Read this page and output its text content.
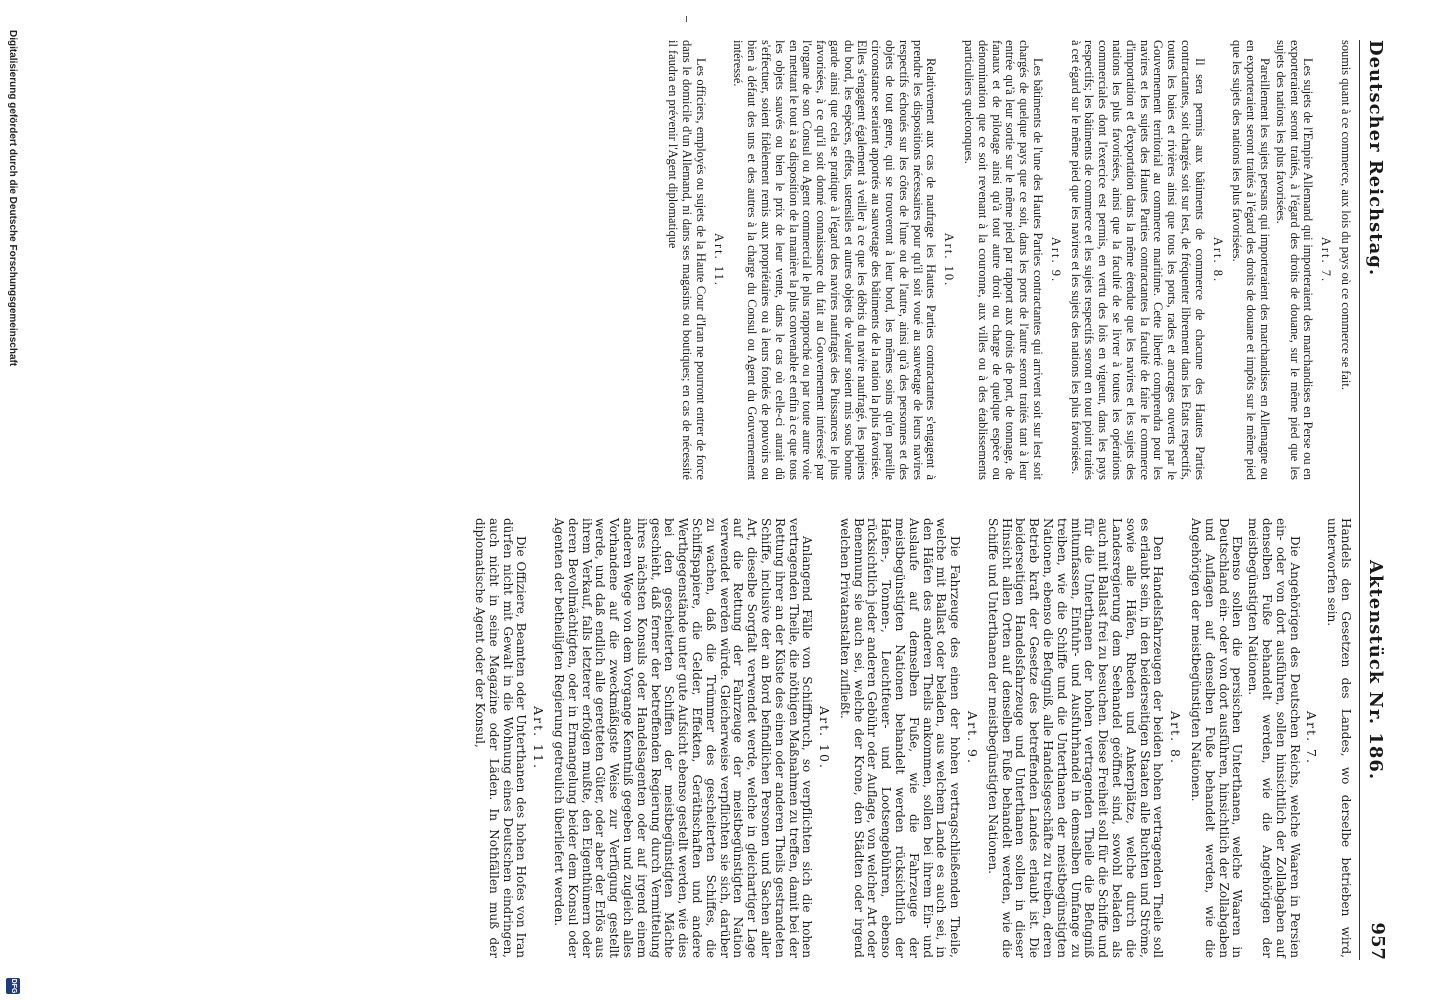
Deutscher Reichstag.
Aktenstück Nr. 186.
957

soumis quant à ce commerce, aux lois du pays où ce commerce se fait.

Art. 7.

Les sujets de l'Empire Allemand qui importeraient des marchandises en Perse ou en exporteraient seront traités, à l'égard des droits de douane, sur le même pied que les sujets des nations les plus favorisées.

Pareillement les sujets persans qui importeraient des marchandises en Allemagne ou en exporteraient seront traités à l'égard des droits de douane et impôts sur le même pied que les sujets des nations les plus favorisées.

Art. 8.

Il sera permis aux bâtiments de commerce de chacune des Hautes Parties contractantes, soit chargés soit sur lest, de fréquenter librement dans les Etats respectifs, toutes les baies et rivières ainsi que tous les ports, rades et ancrages ouverts par le Gouvernement territorial au commerce maritime. Cette liberté comprendra pour les navires et les sujets des Hautes Parties contractantes la faculté de faire le commerce d'importation et d'exportation dans la même étendue que les navires et les sujets des nations les plus favorisées, ainsi que la faculté de se livrer à toutes les opérations commerciales dont l'exercice est permis, en vertu des lois en vigueur, dans les pays respectifs; les bâtiments de commerce et les sujets respectifs seront en tout point traités à cet égard sur le même pied que les navires et les sujets des nations les plus favorisées.

Art. 9.

Les bâtiments de l'une des Hautes Parties contractantes qui arrivent soit sur lest soit chargés de quelque pays que ce soit, dans les ports de l'autre seront traités tant à leur entrée qu'à leur sortie sur le même pied par rapport aux droits de port, de tonnage, de fanaux et de pilotage ainsi qu'à tout autre droit ou charge de quelque espèce ou dénomination que ce soit revenant à la couronne, aux villes ou à des établissements particuliers quelconques.

Art. 10.

Relativement aux cas de naufrage les Hautes Parties contractantes s'engagent à prendre les dispositions nécessaires pour qu'il soit voué au sauvetage de leurs navires respectifs échoués sur les côtes de l'une ou de l'autre, ainsi qu'à des personnes et des objets de tout genre, qui se trouveront à leur bord, les mêmes soins qu'en pareille circonstance seraient apportés au sauvetage des bâtiments de la nation la plus favorisée. Elles s'engagent également à veiller à ce que les débris du navire naufragé, les papiers du bord, les espèces, effets, ustensiles et autres objets de valeur soient mis sous bonne garde ainsi que cela se pratique à l'égard des navires naufragés des Puissances le plus favorisées, à ce qu'il soit donné connaissance du fait au Gouvernement intéressé par l'organe de son Consul ou Agent commercial le plus rapproché ou par toute autre voie en mettant le tout à sa disposition de la manière la plus convenable et enfin à ce que tous les objets sauvés ou bien le prix de leur vente, dans le cas où celle-ci aurait dû s'effectuer, soient fidèlement remis aux propriétaires ou à leurs fondés de pouvoirs ou bien à défaut des uns et des autres à la charge du Consul ou Agent du Gouvernement intéressé.

Art. 11.

Les officiers, employés ou sujets de la Haute Cour d'Iran ne pourront entrer de force dans le domicile d'un Allemand, ni dans ses magasins ou boutiques; en cas de nécessité il faudra en prévenir l'Agent diplomatique

Handels den Gesetzen des Landes, wo derselbe betrieben wird, unterworfen sein.

Art. 7.

Die Angehörigen des Deutschen Reichs, welche Waaren in Persien ein- oder von dort ausführen, sollen hinsichtlich der Zollabgaben auf denselben Fuße behandelt werden, wie die Angehörigen der meistbegünstigten Nationen.

Ebenso sollen die persischen Unterthanen, welche Waaren in Deutschland ein- oder von dort ausführen, hinsichtlich der Zollabgaben und Auflagen auf denselben Fuße behandelt werden, wie die Angehörigen der meistbegünstigten Nationen.

Art. 8.

Den Handelsfahrzeugen der beiden hohen vertragenden Theile soll es erlaubt sein, in den beiderseitigen Staaten alle Buchten und Ströme, sowie alle Häfen, Rheden und Ankerplätze, welche durch die Landesregierung dem Seehandel geöffnet sind, sowohl beladen als auch mit Ballast frei zu besuchen. Diese Freiheit soll für die Schiffe und für die Unterthanen der hohen vertragenden Theile die Befugniß mitumfassen, Einfuhr- und Ausfuhrhandel in demselben Umfange zu treiben, wie die Schiffe und die Unterthanen der meistbegünstigten Nationen, ebenso die Befugniß, alle Handelsgeschäfte zu treiben, deren Betrieb kraft der Gesetze des betreffenden Landes erlaubt ist. Die beiderseitigen Handelsfahrzeuge und Unterthanen sollen in dieser Hinsicht allen Orten auf denselben Fuße behandelt werden, wie die Schiffe und Unterthanen der meistbegünstigten Nationen.

Art. 9.

Die Fahrzeuge des einen der hohen vertragschließenden Theile, welche mit Ballast oder beladen, aus welchem Lande es auch sei, in den Häfen des anderen Theils ankommen, sollen bei ihrem Ein- und Auslaufe auf demselben Fuße, wie die Fahrzeuge der meistbegünstigten Nationen behandelt werden rücksichtlich der Hafen-, Tonnen-, Leuchtfeuer- und Lootsengebühren, ebenso rücksichtlich jeder anderen Gebühr oder Auflage, von welcher Art oder Benennung sie auch sei, welche der Krone, den Städten oder irgend welchen Privatanstalten zufließt.

Art. 10.

Anlangend Fälle von Schiffbruch, so verpflichten sich die hohen vertragenden Theile, die nöthigen Maßnahmen zu treffen, damit bei der Rettung ihrer an der Küste des einen oder anderen Theils gestrandeten Schiffe, inclusive der an Bord befindlichen Personen und Sachen aller Art, dieselbe Sorgfalt verwendet werde, welche in gleichartiger Lage auf die Rettung der Fahrzeuge der meistbegünstigten Nation verwendet werden würde. Gleicherweise verpflichten sie sich, darüber zu wachen, daß die Trümmer des gescheiterten Schiffes, die Schiffspapiere, die Gelder, Effekten, Geräthschaften und andere Werthgegenstände unter gute Aufsicht ebenso gestellt werden, wie dies bei den gescheiterten Schiffen der meistbegünstigten Mächte geschieht, daß ferner der betreffenden Regierung durch Vermittelung ihres nächsten Konsuls oder Handelsagenten oder auf irgend einem anderen Wege von dem Vorgange Kenntniß gegeben und zugleich alles Vorhandene auf die zweckmäßigste Weise zur Verfügung gestellt werde, und daß endlich alle geretteten Güter, oder aber der Erlös aus ihrem Verkauf, falls letzterer erfolgen mußte, den Eigenthümern oder deren Bevollmächtigten, oder in Ermangelung beider dem Konsul oder Agenten der betheiligten Regierung getreulich überliefert werden.

Art. 11.

Die Offiziere, Beamten oder Unterthanen des hohen Hofes von Iran dürfen nicht mit Gewalt in die Wohnung eines Deutschen eindringen, auch nicht in seine Magazine oder Läden. In Nothfällen muß der diplomatische Agent oder der Konsul,

Digitalisierung gefördert durch die Deutsche Forschungsgemeinschaft
DFG
